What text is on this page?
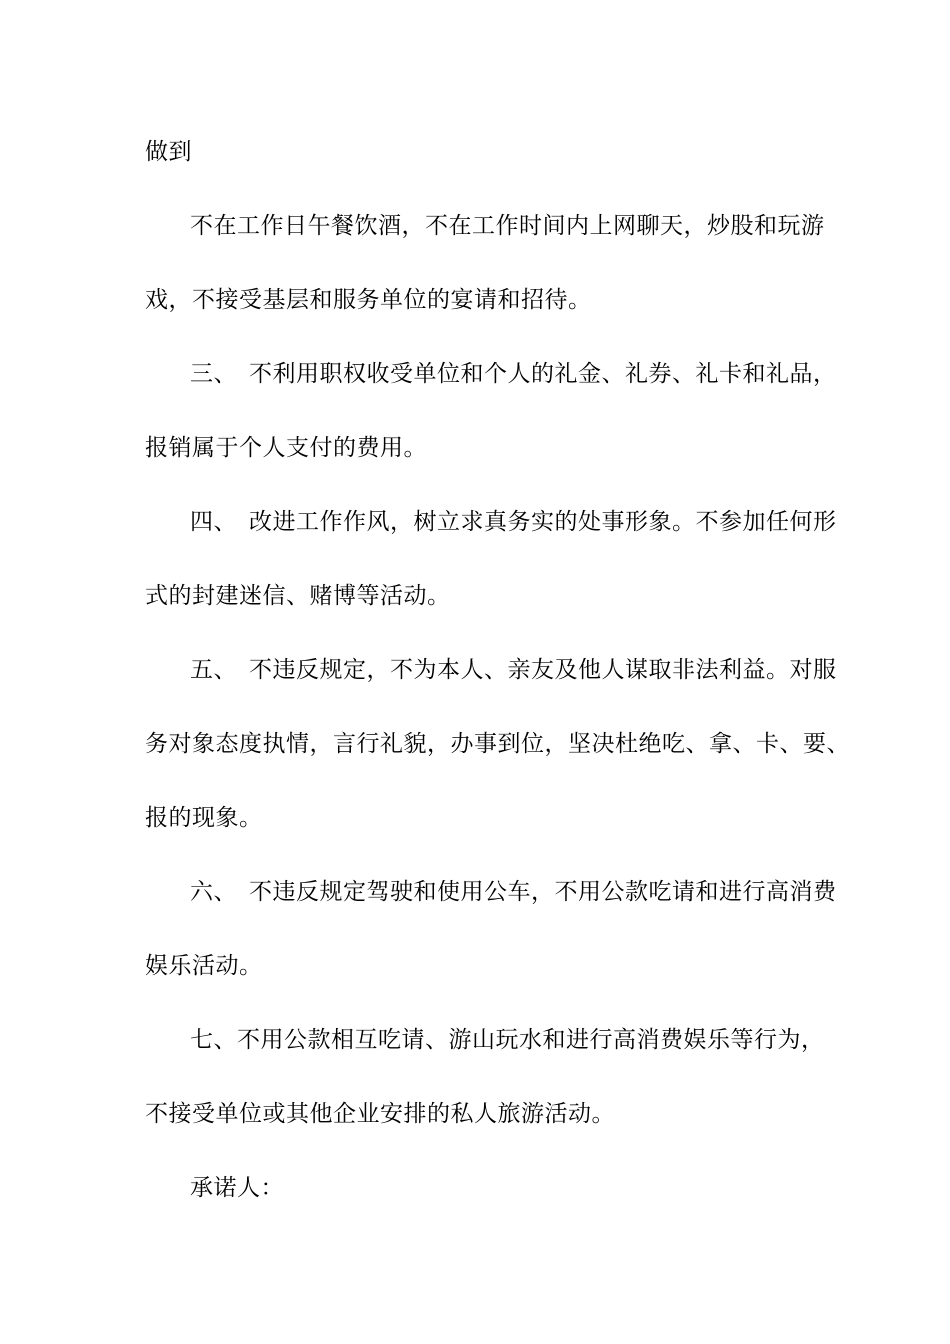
做到
不在工作日午餐饮酒，不在工作时间内上网聊天，炒股和玩游
戏，不接受基层和服务单位的宴请和招待。
三、　不利用职权收受单位和个人的礼金、礼券、礼卡和礼品，
报销属于个人支付的费用。
四、　改进工作作风，树立求真务实的处事形象。不参加任何形
式的封建迷信、赌博等活动。
五、　不违反规定，不为本人、亲友及他人谋取非法利益。对服
务对象态度执情，言行礼貌，办事到位，坚决杜绝吃、拿、卡、要、
报的现象。
六、　不违反规定驾驶和使用公车，不用公款吃请和进行高消费
娱乐活动。
七、不用公款相互吃请、游山玩水和进行高消费娱乐等行为，
不接受单位或其他企业安排的私人旅游活动。
承诺人：
